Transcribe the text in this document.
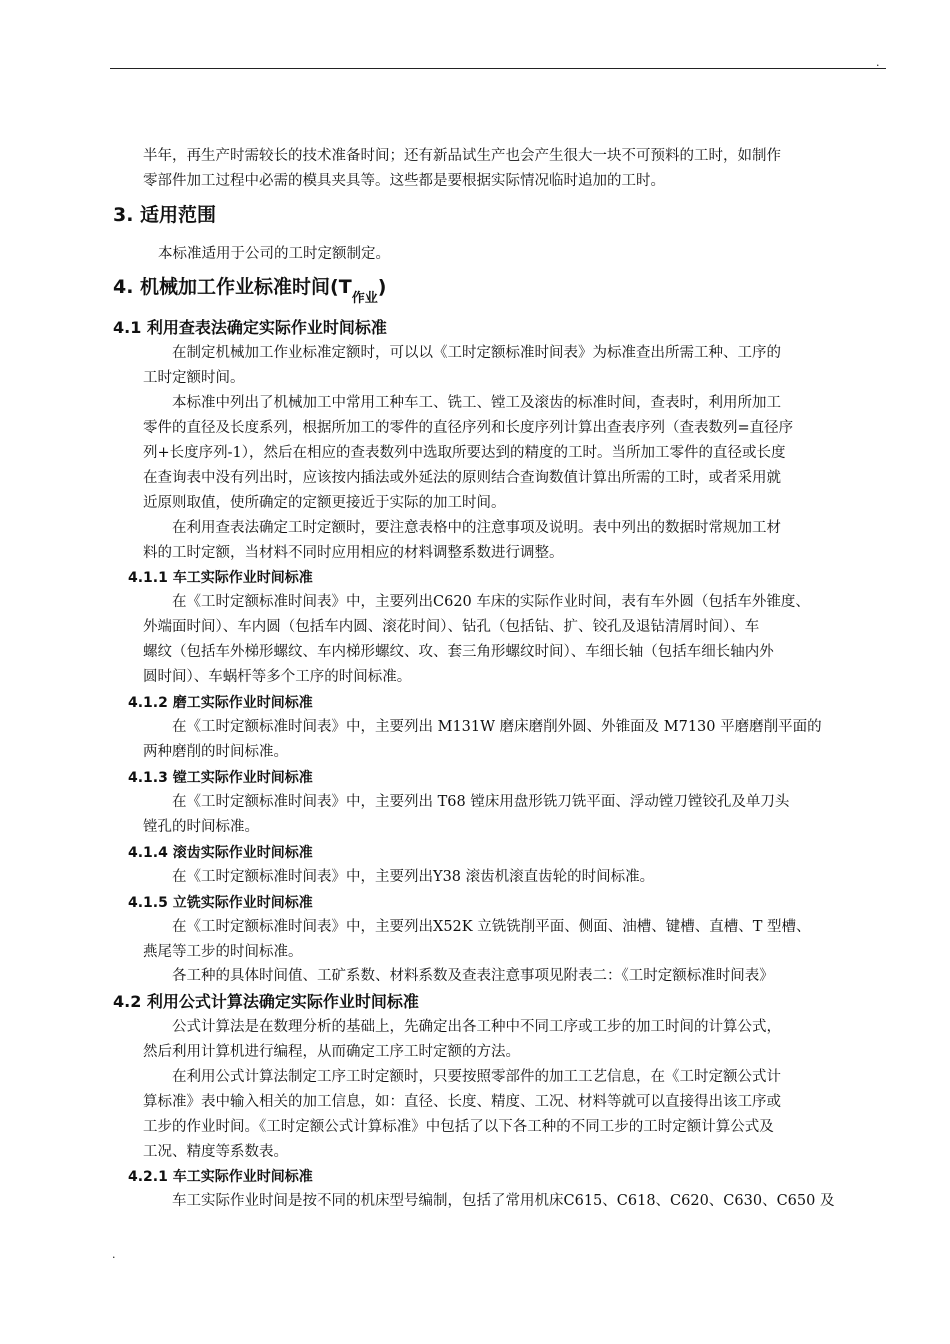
.

半年，再生产时需较长的技术准备时间；还有新品试生产也会产生很大一块不可预料的工时，如制作

零部件加工过程中必需的模具夹具等。这些都是要根据实际情况临时追加的工时。

3. 适用范围

本标准适用于公司的工时定额制定。

4. 机械加工作业标准时间$(T_{作业})$
4.1 利用查表法确定实际作业时间标准

在制定机械加工作业标准定额时，可以以《工时定额标准时间表》为标准查出所需工种、工序的

工时定额时间。

本标准中列出了机械加工中常用工种车工、铣工、镗工及滚齿的标准时间，查表时，利用所加工

零件的直径及长度系列，根据所加工的零件的直径序列和长度序列计算出查表序列（查表数列=直径序

列+长度序列-1），然后在相应的查表数列中选取所要达到的精度的工时。当所加工零件的直径或长度

在查询表中没有列出时，应该按内插法或外延法的原则结合查询数值计算出所需的工时，或者采用就

近原则取值，使所确定的定额更接近于实际的加工时间。

在利用查表法确定工时定额时，要注意表格中的注意事项及说明。表中列出的数据时常规加工材

料的工时定额，当材料不同时应用相应的材料调整系数进行调整。

4.1.1 车工实际作业时间标准

在《工时定额标准时间表》中，主要列出C620 车床的实际作业时间，表有车外圆（包括车外锥度、

外端面时间）、车内圆（包括车内圆、滚花时间）、钻孔（包括钻、扩、铰孔及退钻清屑时间）、车

螺纹（包括车外梯形螺纹、车内梯形螺纹、攻、套三角形螺纹时间）、车细长轴（包括车细长轴内外

圆时间）、车蜗杆等多个工序的时间标准。

4.1.2 磨工实际作业时间标准

在《工时定额标准时间表》中，主要列出 M131W 磨床磨削外圆、外锥面及 M7130 平磨磨削平面的

两种磨削的时间标准。

4.1.3 镗工实际作业时间标准

在《工时定额标准时间表》中，主要列出 T68 镗床用盘形铣刀铣平面、浮动镗刀镗铰孔及单刀头

镗孔的时间标准。

4.1.4 滚齿实际作业时间标准

在《工时定额标准时间表》中，主要列出Y38 滚齿机滚直齿轮的时间标准。

4.1.5 立铣实际作业时间标准

在《工时定额标准时间表》中，主要列出X52K 立铣铣削平面、侧面、油槽、键槽、直槽、T 型槽、

燕尾等工步的时间标准。

各工种的具体时间值、工矿系数、材料系数及查表注意事项见附表二：《工时定额标准时间表》

4.2 利用公式计算法确定实际作业时间标准

公式计算法是在数理分析的基础上，先确定出各工种中不同工序或工步的加工时间的计算公式，

然后利用计算机进行编程，从而确定工序工时定额的方法。

在利用公式计算法制定工序工时定额时，只要按照零部件的加工工艺信息，在《工时定额公式计

算标准》表中输入相关的加工信息，如：直径、长度、精度、工况、材料等就可以直接得出该工序或

工步的作业时间。《工时定额公式计算标准》中包括了以下各工种的不同工步的工时定额计算公式及

工况、精度等系数表。

4.2.1 车工实际作业时间标准

车工实际作业时间是按不同的机床型号编制，包括了常用机床C615、C618、C620、C630、C650 及

.
